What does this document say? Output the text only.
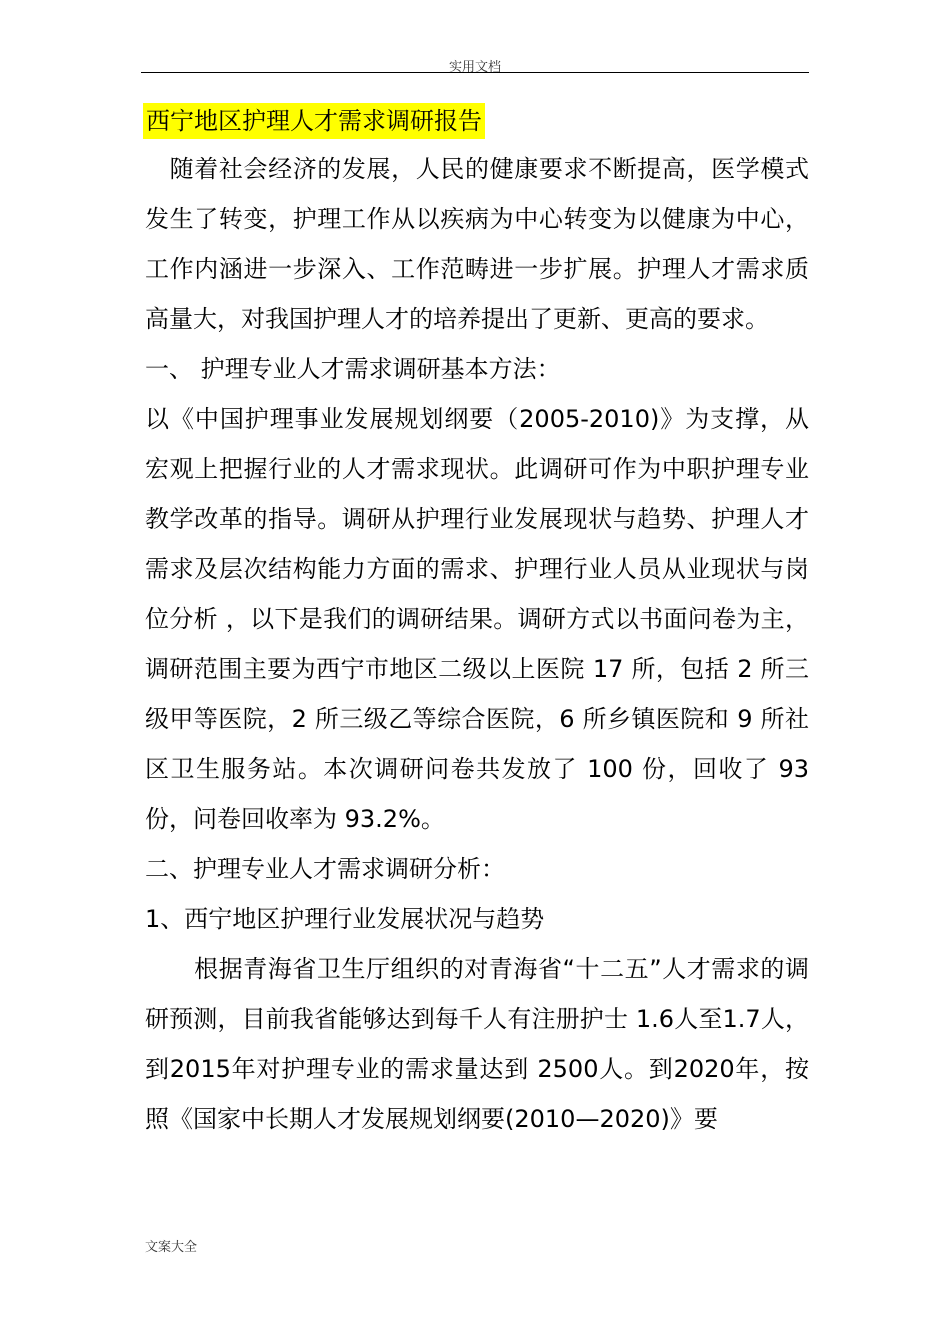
实用文档
西宁地区护理人才需求调研报告

　随着社会经济的发展，人民的健康要求不断提高，医学模式发生了转变，护理工作从以疾病为中心转变为以健康为中心，工作内涵进一步深入、工作范畴进一步扩展。护理人才需求质高量大，对我国护理人才的培养提出了更新、更高的要求。

一、 护理专业人才需求调研基本方法：

以《中国护理事业发展规划纲要（2005-2010)》为支撑，从宏观上把握行业的人才需求现状。此调研可作为中职护理专业教学改革的指导。调研从护理行业发展现状与趋势、护理人才需求及层次结构能力方面的需求、护理行业人员从业现状与岗位分析 ，以下是我们的调研结果。调研方式以书面问卷为主，调研范围主要为西宁市地区二级以上医院 17 所，包括 2 所三级甲等医院，2 所三级乙等综合医院，6 所乡镇医院和 9 所社区卫生服务站。本次调研问卷共发放了 100 份，回收了 93 份，问卷回收率为 93.2%。

二、护理专业人才需求调研分析：

1、西宁地区护理行业发展状况与趋势

　　根据青海省卫生厅组织的对青海省“十二五”人才需求的调研预测，目前我省能够达到每千人有注册护士 1.6人至1.7人，到2015年对护理专业的需求量达到 2500人。到2020年，按照《国家中长期人才发展规划纲要(2010—2020)》要

文案大全
